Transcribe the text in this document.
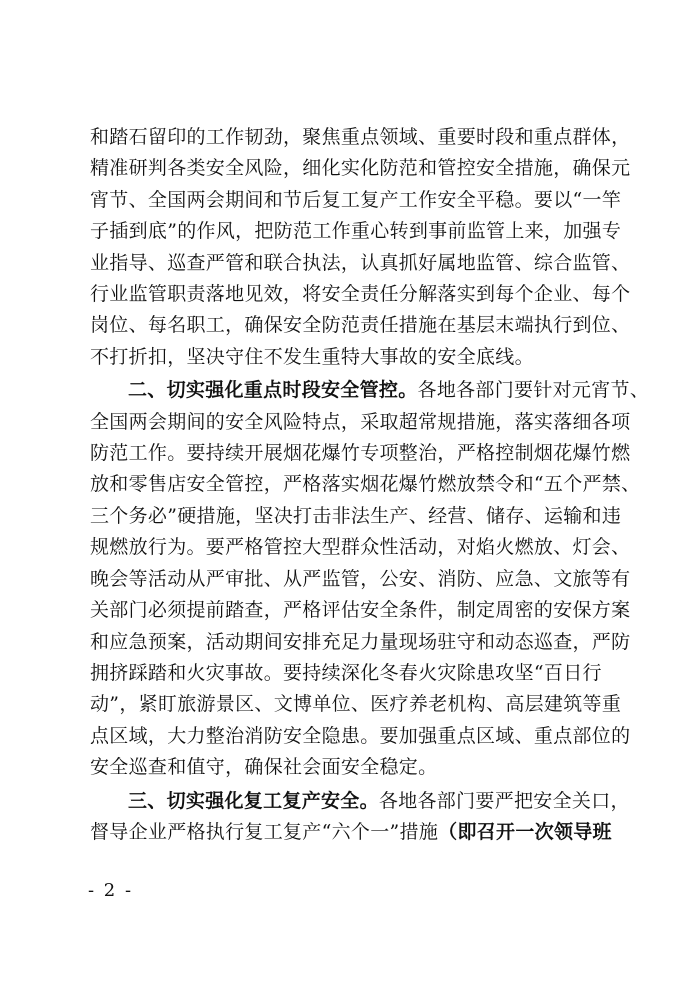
和踏石留印的工作韧劲，聚焦重点领域、重要时段和重点群体，
精准研判各类安全风险，细化实化防范和管控安全措施，确保元
宵节、全国两会期间和节后复工复产工作安全平稳。要以“一竿
子插到底”的作风，把防范工作重心转到事前监管上来，加强专
业指导、巡查严管和联合执法，认真抓好属地监管、综合监管、
行业监管职责落地见效，将安全责任分解落实到每个企业、每个
岗位、每名职工，确保安全防范责任措施在基层末端执行到位、
不打折扣，坚决守住不发生重特大事故的安全底线。
二、切实强化重点时段安全管控。各地各部门要针对元宵节、
全国两会期间的安全风险特点，采取超常规措施，落实落细各项
防范工作。要持续开展烟花爆竹专项整治，严格控制烟花爆竹燃
放和零售店安全管控，严格落实烟花爆竹燃放禁令和“五个严禁、
三个务必”硬措施，坚决打击非法生产、经营、储存、运输和违
规燃放行为。要严格管控大型群众性活动，对焰火燃放、灯会、
晚会等活动从严审批、从严监管，公安、消防、应急、文旅等有
关部门必须提前踏查，严格评估安全条件，制定周密的安保方案
和应急预案，活动期间安排充足力量现场驻守和动态巡查，严防
拥挤踩踏和火灾事故。要持续深化冬春火灾除患攻坚“百日行
动”，紧盯旅游景区、文博单位、医疗养老机构、高层建筑等重
点区域，大力整治消防安全隐患。要加强重点区域、重点部位的
安全巡查和值守，确保社会面安全稳定。
三、切实强化复工复产安全。各地各部门要严把安全关口，
督导企业严格执行复工复产“六个一”措施（即召开一次领导班
- 2 -
